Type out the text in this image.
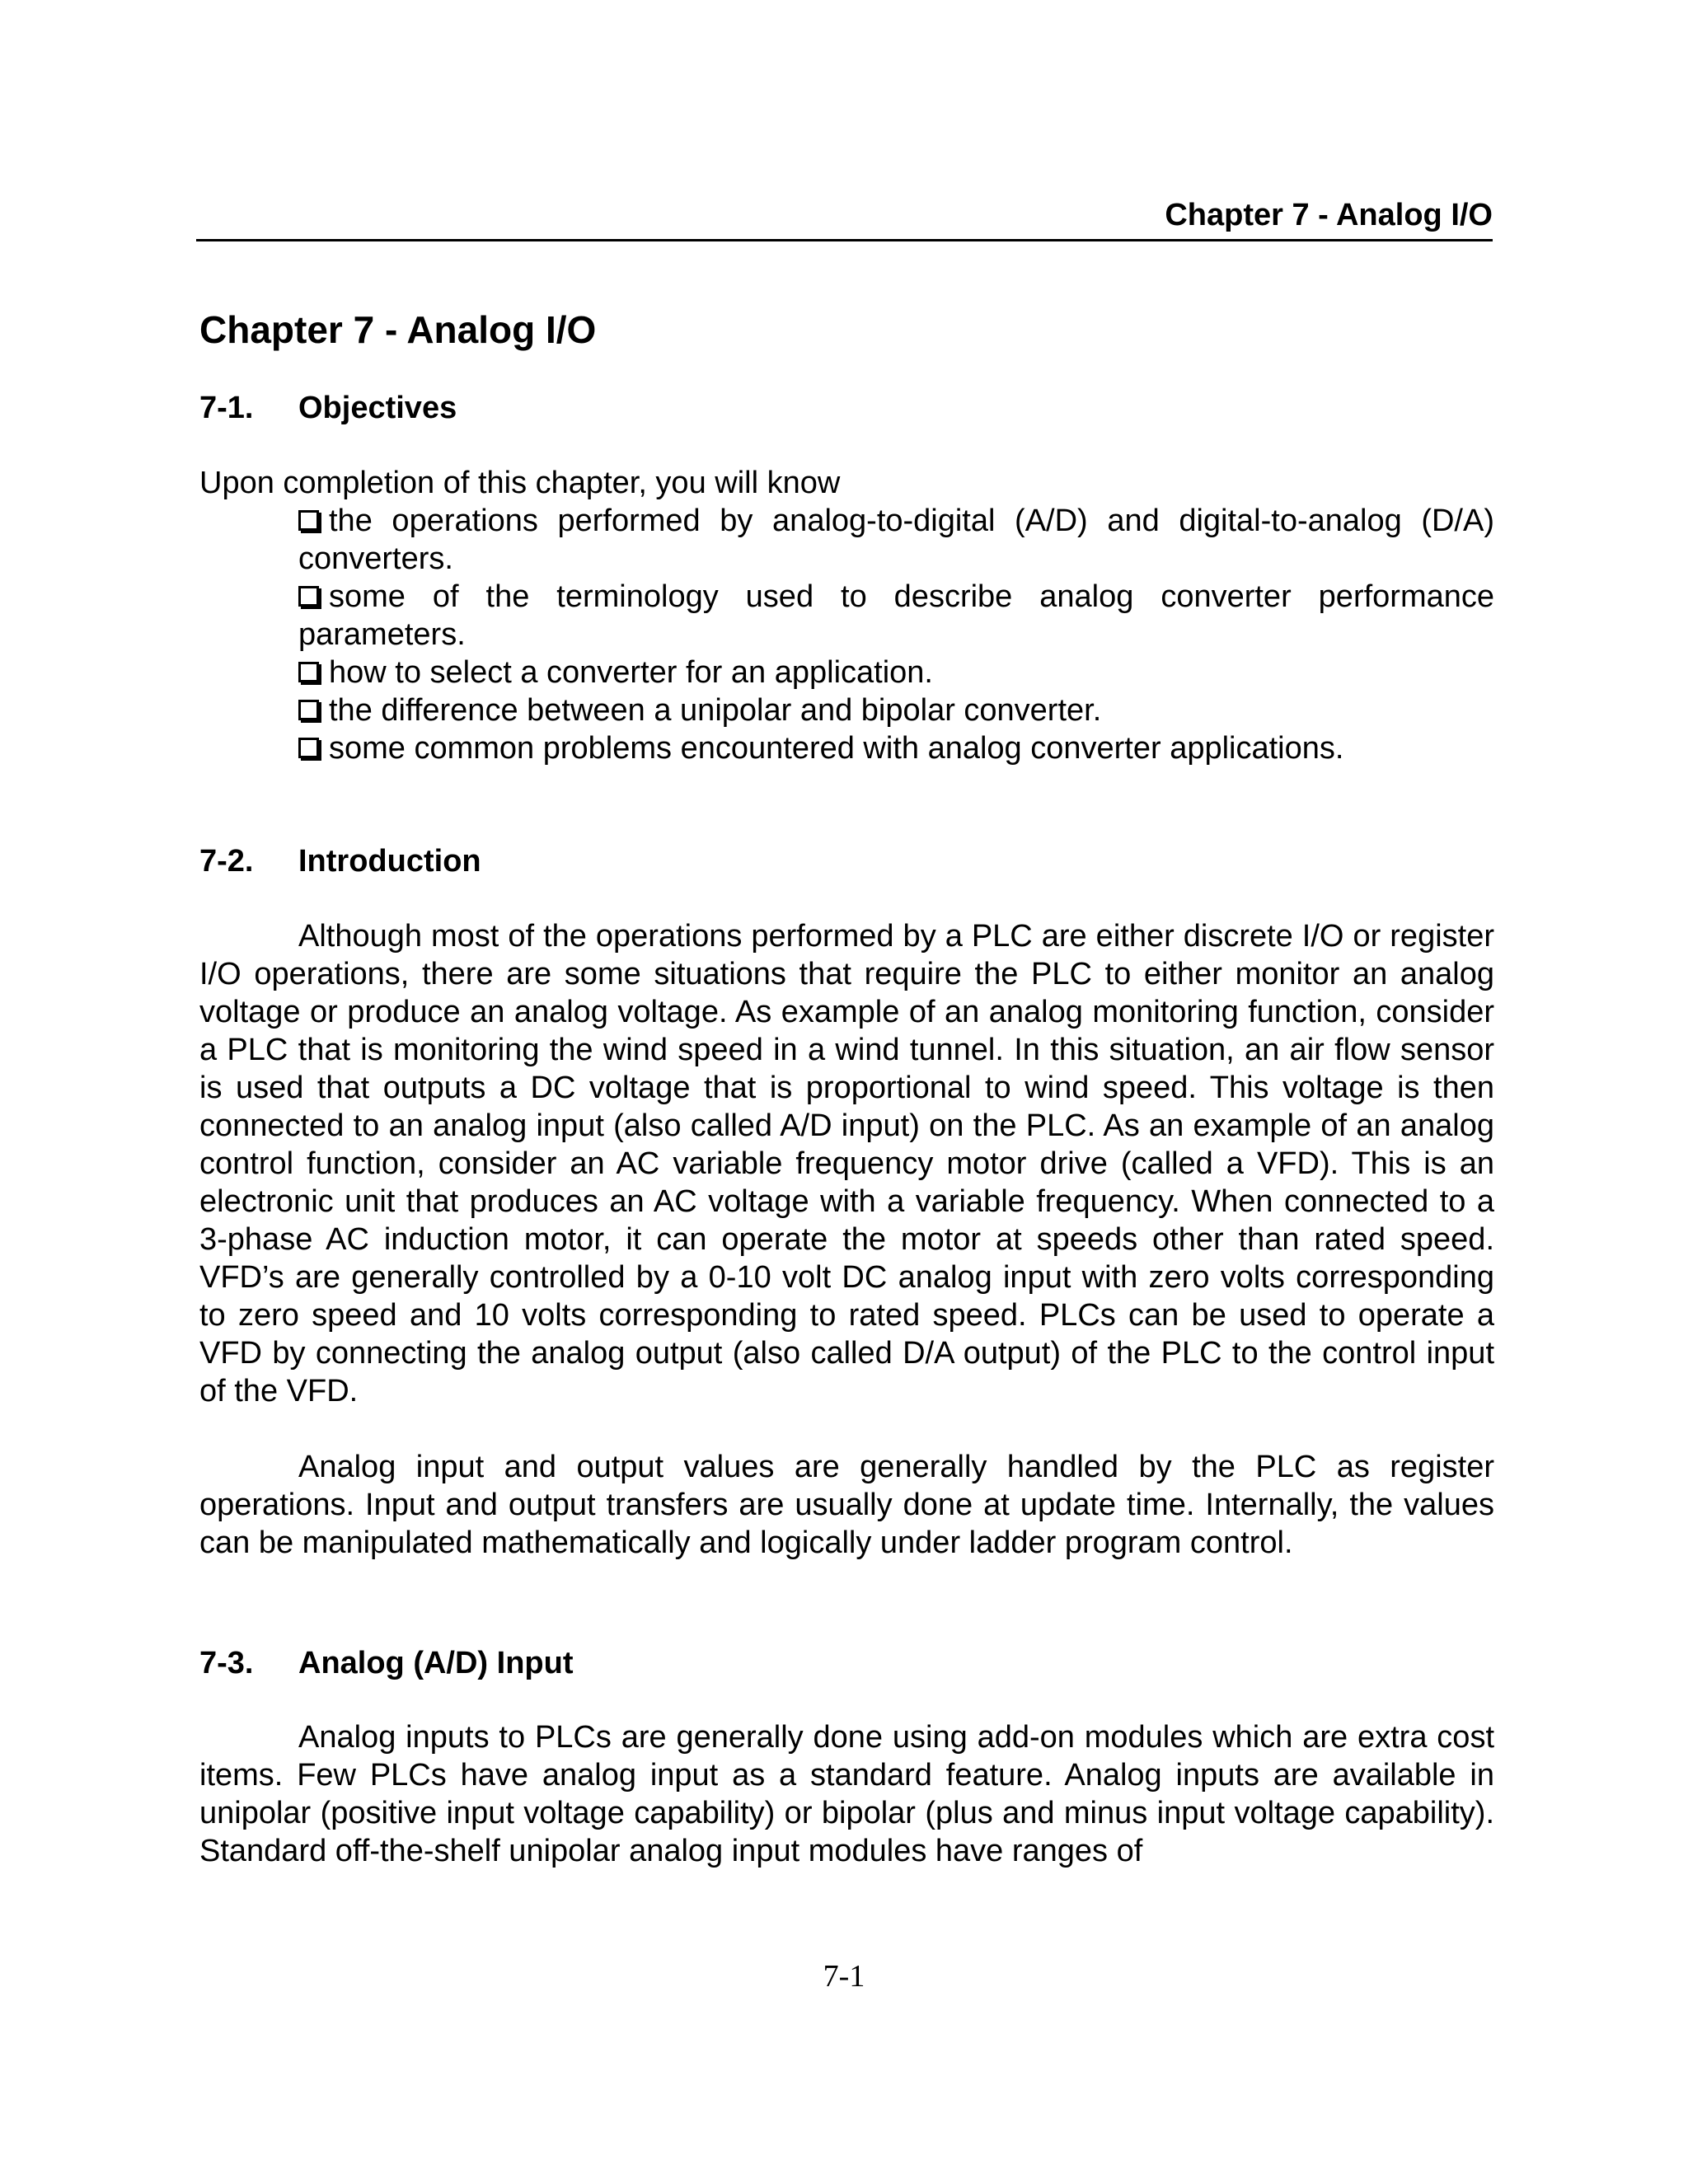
Chapter 7 - Analog I/O
Chapter 7 - Analog I/O
7-1. Objectives

Upon completion of this chapter, you will know

the operations performed by analog-to-digital (A/D) and digital-to-analog (D/A) converters.
some of the terminology used to describe analog converter performance parameters.
how to select a converter for an application.
the difference between a unipolar and bipolar converter.
some common problems encountered with analog converter applications.
7-2. Introduction

Although most of the operations performed by a PLC are either discrete I/O or register I/O operations, there are some situations that require the PLC to either monitor an analog voltage or produce an analog voltage. As example of an analog monitoring function, consider a PLC that is monitoring the wind speed in a wind tunnel. In this situation, an air flow sensor is used that outputs a DC voltage that is proportional to wind speed. This voltage is then connected to an analog input (also called A/D input) on the PLC. As an example of an analog control function, consider an AC variable frequency motor drive (called a VFD). This is an electronic unit that produces an AC voltage with a variable frequency. When connected to a 3-phase AC induction motor, it can operate the motor at speeds other than rated speed. VFD’s are generally controlled by a 0-10 volt DC analog input with zero volts corresponding to zero speed and 10 volts corresponding to rated speed. PLCs can be used to operate a VFD by connecting the analog output (also called D/A output) of the PLC to the control input of the VFD.

Analog input and output values are generally handled by the PLC as register operations. Input and output transfers are usually done at update time. Internally, the values can be manipulated mathematically and logically under ladder program control.

7-3. Analog (A/D) Input

Analog inputs to PLCs are generally done using add-on modules which are extra cost items. Few PLCs have analog input as a standard feature. Analog inputs are available in unipolar (positive input voltage capability) or bipolar (plus and minus input voltage capability). Standard off-the-shelf unipolar analog input modules have ranges of

7-1
